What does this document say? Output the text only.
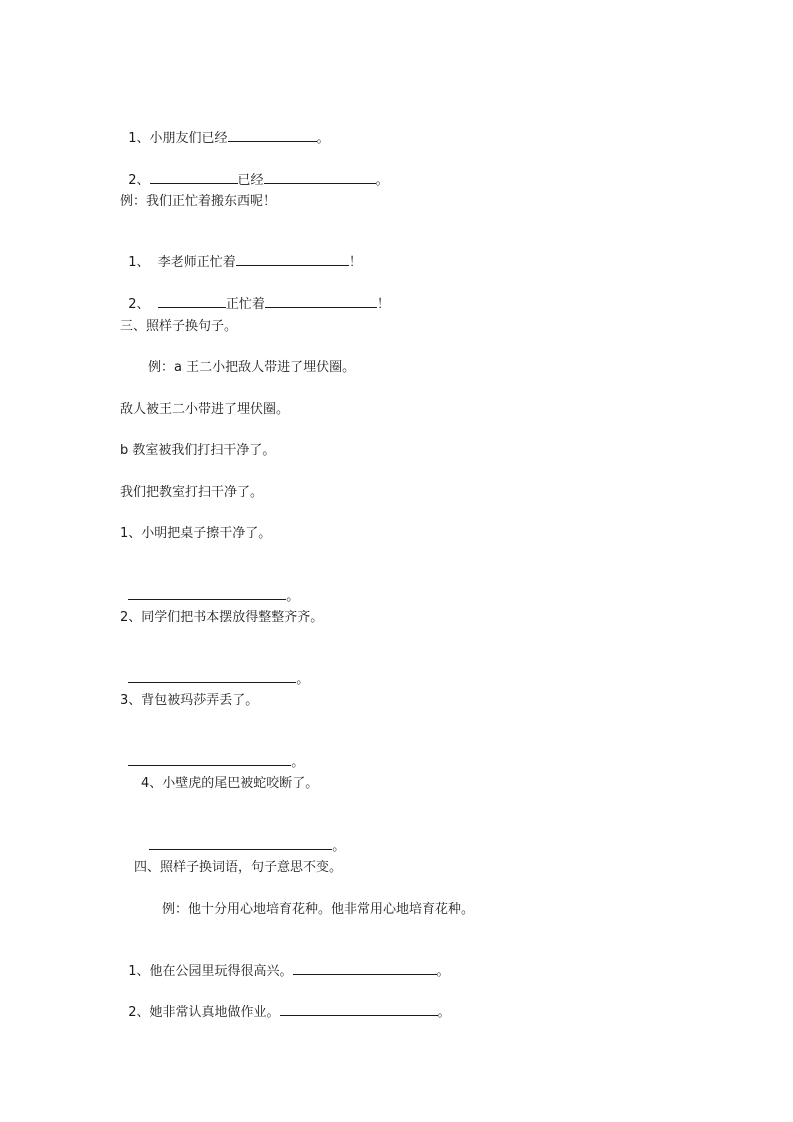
1、小朋友们已经	。

2、	已经	。

例：我们正忙着搬东西呢！

1、  李老师正忙着	！

2、	正忙着	！

三、照样子换句子。
例：a 王二小把敌人带进了埋伏圈。
敌人被王二小带进了埋伏圈。
b 教室被我们打扫干净了。
我们把教室打扫干净了。
1、小明把桌子擦干净了。

。

2、同学们把书本摆放得整整齐齐。

。

3、背包被玛莎弄丢了。

。

4、小壁虎的尾巴被蛇咬断了。

。

四、照样子换词语，句子意思不变。
例：他十分用心地培育花种。他非常用心地培育花种。

1、他在公园里玩得很高兴。	。

2、她非常认真地做作业。	。
